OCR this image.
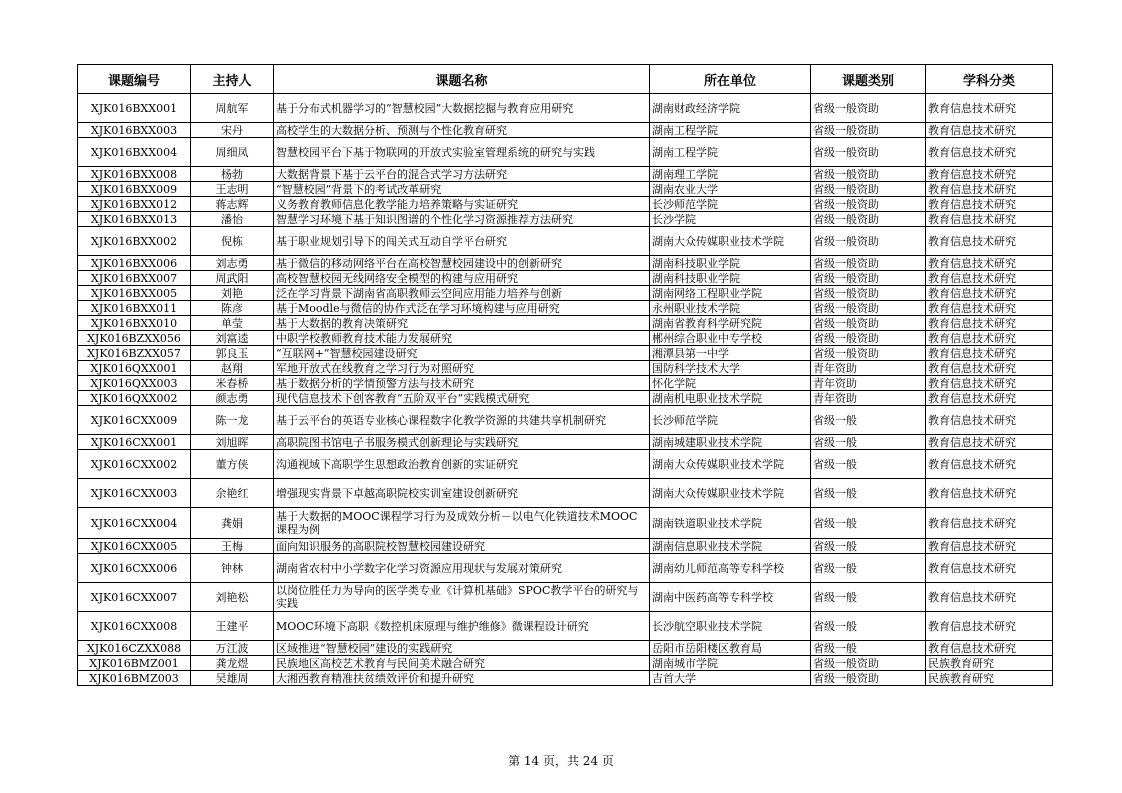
课题编号	主持人	课题名称	所在单位	课题类别	学科分类
XJK016BXX001	周航军	基于分布式机器学习的“智慧校园”大数据挖掘与教育应用研究	湖南财政经济学院	省级一般资助	教育信息技术研究
XJK016BXX003	宋丹	高校学生的大数据分析、预测与个性化教育研究	湖南工程学院	省级一般资助	教育信息技术研究
XJK016BXX004	周细凤	智慧校园平台下基于物联网的开放式实验室管理系统的研究与实践	湖南工程学院	省级一般资助	教育信息技术研究
XJK016BXX008	杨勃	大数据背景下基于云平台的混合式学习方法研究	湖南理工学院	省级一般资助	教育信息技术研究
XJK016BXX009	王志明	“智慧校园”背景下的考试改革研究	湖南农业大学	省级一般资助	教育信息技术研究
XJK016BXX012	蒋志辉	义务教育教师信息化教学能力培养策略与实证研究	长沙师范学院	省级一般资助	教育信息技术研究
XJK016BXX013	潘怡	智慧学习环境下基于知识图谱的个性化学习资源推荐方法研究	长沙学院	省级一般资助	教育信息技术研究
XJK016BXX002	倪栋	基于职业规划引导下的闯关式互动自学平台研究	湖南大众传媒职业技术学院	省级一般资助	教育信息技术研究
XJK016BXX006	刘志勇	基于微信的移动网络平台在高校智慧校园建设中的创新研究	湖南科技职业学院	省级一般资助	教育信息技术研究
XJK016BXX007	周武阳	高校智慧校园无线网络安全模型的构建与应用研究	湖南科技职业学院	省级一般资助	教育信息技术研究
XJK016BXX005	刘艳	泛在学习背景下湖南省高职教师云空间应用能力培养与创新	湖南网络工程职业学院	省级一般资助	教育信息技术研究
XJK016BXX011	陈彦	基于Moodle与微信的协作式泛在学习环境构建与应用研究	永州职业技术学院	省级一般资助	教育信息技术研究
XJK016BXX010	单莹	基于大数据的教育决策研究	湖南省教育科学研究院	省级一般资助	教育信息技术研究
XJK016BZXX056	刘富逵	中职学校教师教育技术能力发展研究	郴州综合职业中专学校	省级一般资助	教育信息技术研究
XJK016BZXX057	郭良玉	“互联网+”智慧校园建设研究	湘潭县第一中学	省级一般资助	教育信息技术研究
XJK016QXX001	赵翔	军地开放式在线教育之学习行为对照研究	国防科学技术大学	青年资助	教育信息技术研究
XJK016QXX003	米春桥	基于数据分析的学情预警方法与技术研究	怀化学院	青年资助	教育信息技术研究
XJK016QXX002	颜志勇	现代信息技术下创客教育“五阶双平台”实践模式研究	湖南机电职业技术学院	青年资助	教育信息技术研究
XJK016CXX009	陈一龙	基于云平台的英语专业核心课程数字化教学资源的共建共享机制研究	长沙师范学院	省级一般	教育信息技术研究
XJK016CXX001	刘旭晖	高职院图书馆电子书服务模式创新理论与实践研究	湖南城建职业技术学院	省级一般	教育信息技术研究
XJK016CXX002	董方侠	沟通视域下高职学生思想政治教育创新的实证研究	湖南大众传媒职业技术学院	省级一般	教育信息技术研究
XJK016CXX003	余艳红	增强现实背景下卓越高职院校实训室建设创新研究	湖南大众传媒职业技术学院	省级一般	教育信息技术研究
XJK016CXX004	龚娟	基于大数据的MOOC课程学习行为及成效分析－以电气化铁道技术MOOC课程为例	湖南铁道职业技术学院	省级一般	教育信息技术研究
XJK016CXX005	王梅	面向知识服务的高职院校智慧校园建设研究	湖南信息职业技术学院	省级一般	教育信息技术研究
XJK016CXX006	钟林	湖南省农村中小学数字化学习资源应用现状与发展对策研究	湖南幼儿师范高等专科学校	省级一般	教育信息技术研究
XJK016CXX007	刘艳松	以岗位胜任力为导向的医学类专业《计算机基础》SPOC教学平台的研究与实践	湖南中医药高等专科学校	省级一般	教育信息技术研究
XJK016CXX008	王建平	MOOC环境下高职《数控机床原理与维护维修》微课程设计研究	长沙航空职业技术学院	省级一般	教育信息技术研究
XJK016CZXX088	万江波	区域推进“智慧校园”建设的实践研究	岳阳市岳阳楼区教育局	省级一般	教育信息技术研究
XJK016BMZ001	龚龙煜	民族地区高校艺术教育与民间美术融合研究	湖南城市学院	省级一般资助	民族教育研究
XJK016BMZ003	吴雄周	大湘西教育精准扶贫绩效评价和提升研究	吉首大学	省级一般资助	民族教育研究
第 14 页，共 24 页
